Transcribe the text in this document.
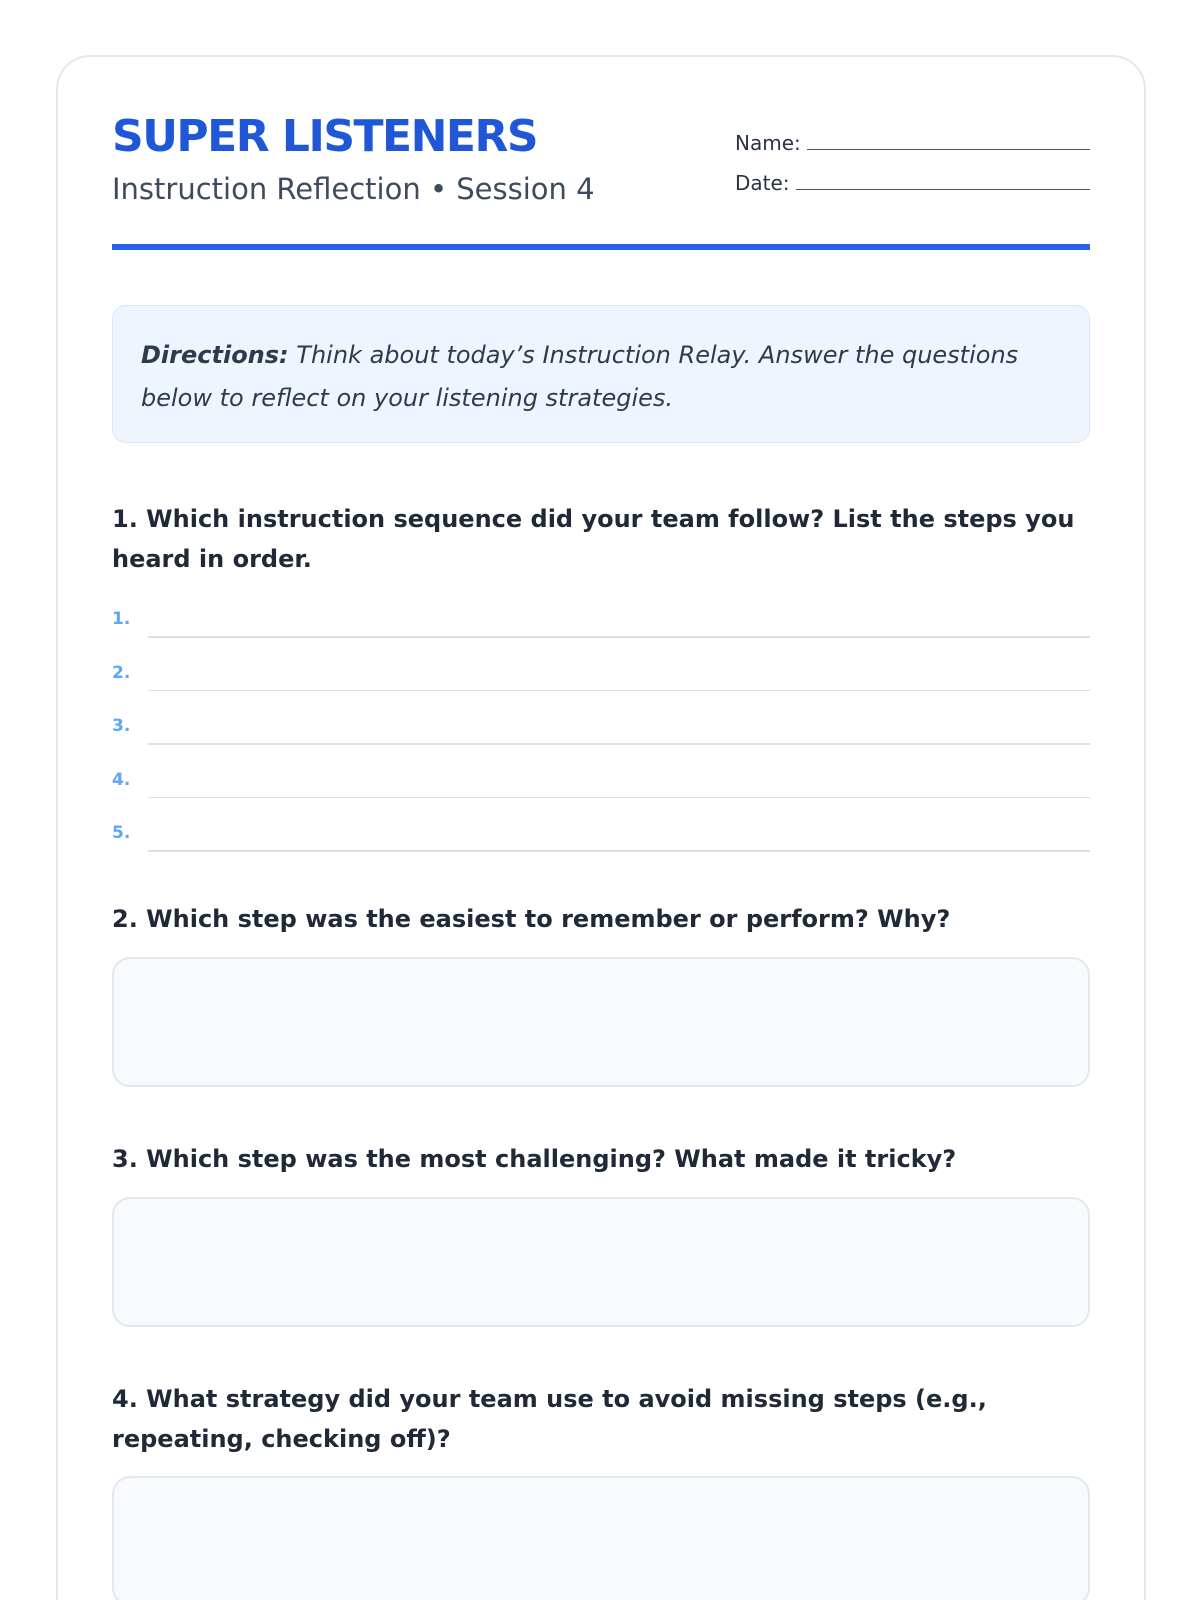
SUPER LISTENERS

Instruction Reflection • Session 4

Name:
Date:
Directions: Think about today’s Instruction Relay. Answer the questions below to reflect on your listening strategies.

1. Which instruction sequence did your team follow? List the steps you heard in order.

1.
2.
3.
4.
5.

2. Which step was the easiest to remember or perform? Why?

3. Which step was the most challenging? What made it tricky?

4. What strategy did your team use to avoid missing steps (e.g., repeating, checking off)?
